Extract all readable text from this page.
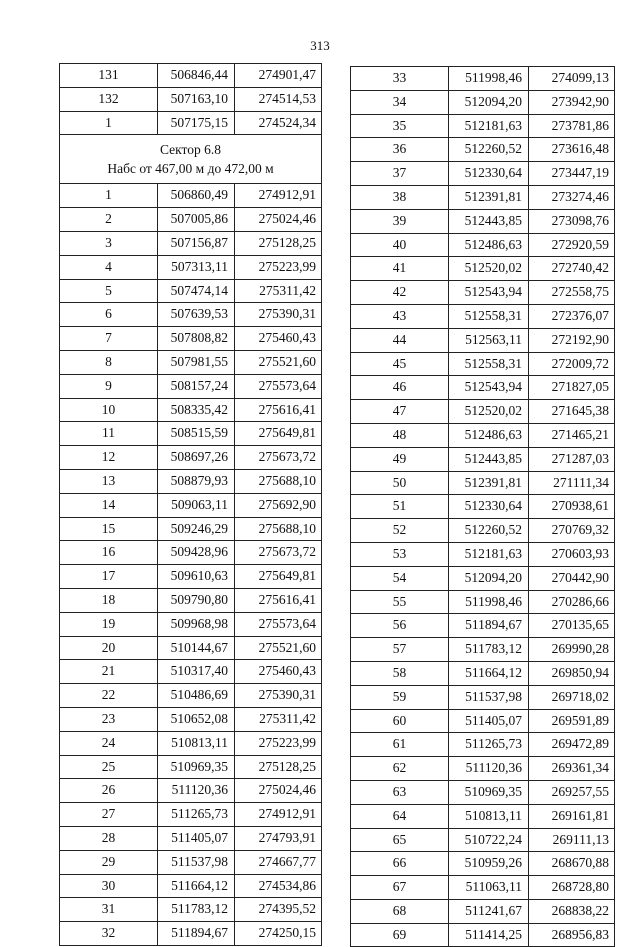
313
131	506846,44	274901,47
132	507163,10	274514,53
1	507175,15	274524,34

Сектор 6.8
Набс от 467,00 м до 472,00 м		

1	506860,49	274912,91
2	507005,86	275024,46
3	507156,87	275128,25
4	507313,11	275223,99
5	507474,14	275311,42
6	507639,53	275390,31
7	507808,82	275460,43
8	507981,55	275521,60
9	508157,24	275573,64
10	508335,42	275616,41
11	508515,59	275649,81
12	508697,26	275673,72
13	508879,93	275688,10
14	509063,11	275692,90
15	509246,29	275688,10
16	509428,96	275673,72
17	509610,63	275649,81
18	509790,80	275616,41
19	509968,98	275573,64
20	510144,67	275521,60
21	510317,40	275460,43
22	510486,69	275390,31
23	510652,08	275311,42
24	510813,11	275223,99
25	510969,35	275128,25
26	511120,36	275024,46
27	511265,73	274912,91
28	511405,07	274793,91
29	511537,98	274667,77
30	511664,12	274534,86
31	511783,12	274395,52
32	511894,67	274250,15
33	511998,46	274099,13
34	512094,20	273942,90
35	512181,63	273781,86
36	512260,52	273616,48
37	512330,64	273447,19
38	512391,81	273274,46
39	512443,85	273098,76
40	512486,63	272920,59
41	512520,02	272740,42
42	512543,94	272558,75
43	512558,31	272376,07
44	512563,11	272192,90
45	512558,31	272009,72
46	512543,94	271827,05
47	512520,02	271645,38
48	512486,63	271465,21
49	512443,85	271287,03
50	512391,81	271111,34
51	512330,64	270938,61
52	512260,52	270769,32
53	512181,63	270603,93
54	512094,20	270442,90
55	511998,46	270286,66
56	511894,67	270135,65
57	511783,12	269990,28
58	511664,12	269850,94
59	511537,98	269718,02
60	511405,07	269591,89
61	511265,73	269472,89
62	511120,36	269361,34
63	510969,35	269257,55
64	510813,11	269161,81
65	510722,24	269111,13
66	510959,26	268670,88
67	511063,11	268728,80
68	511241,67	268838,22
69	511414,25	268956,83
